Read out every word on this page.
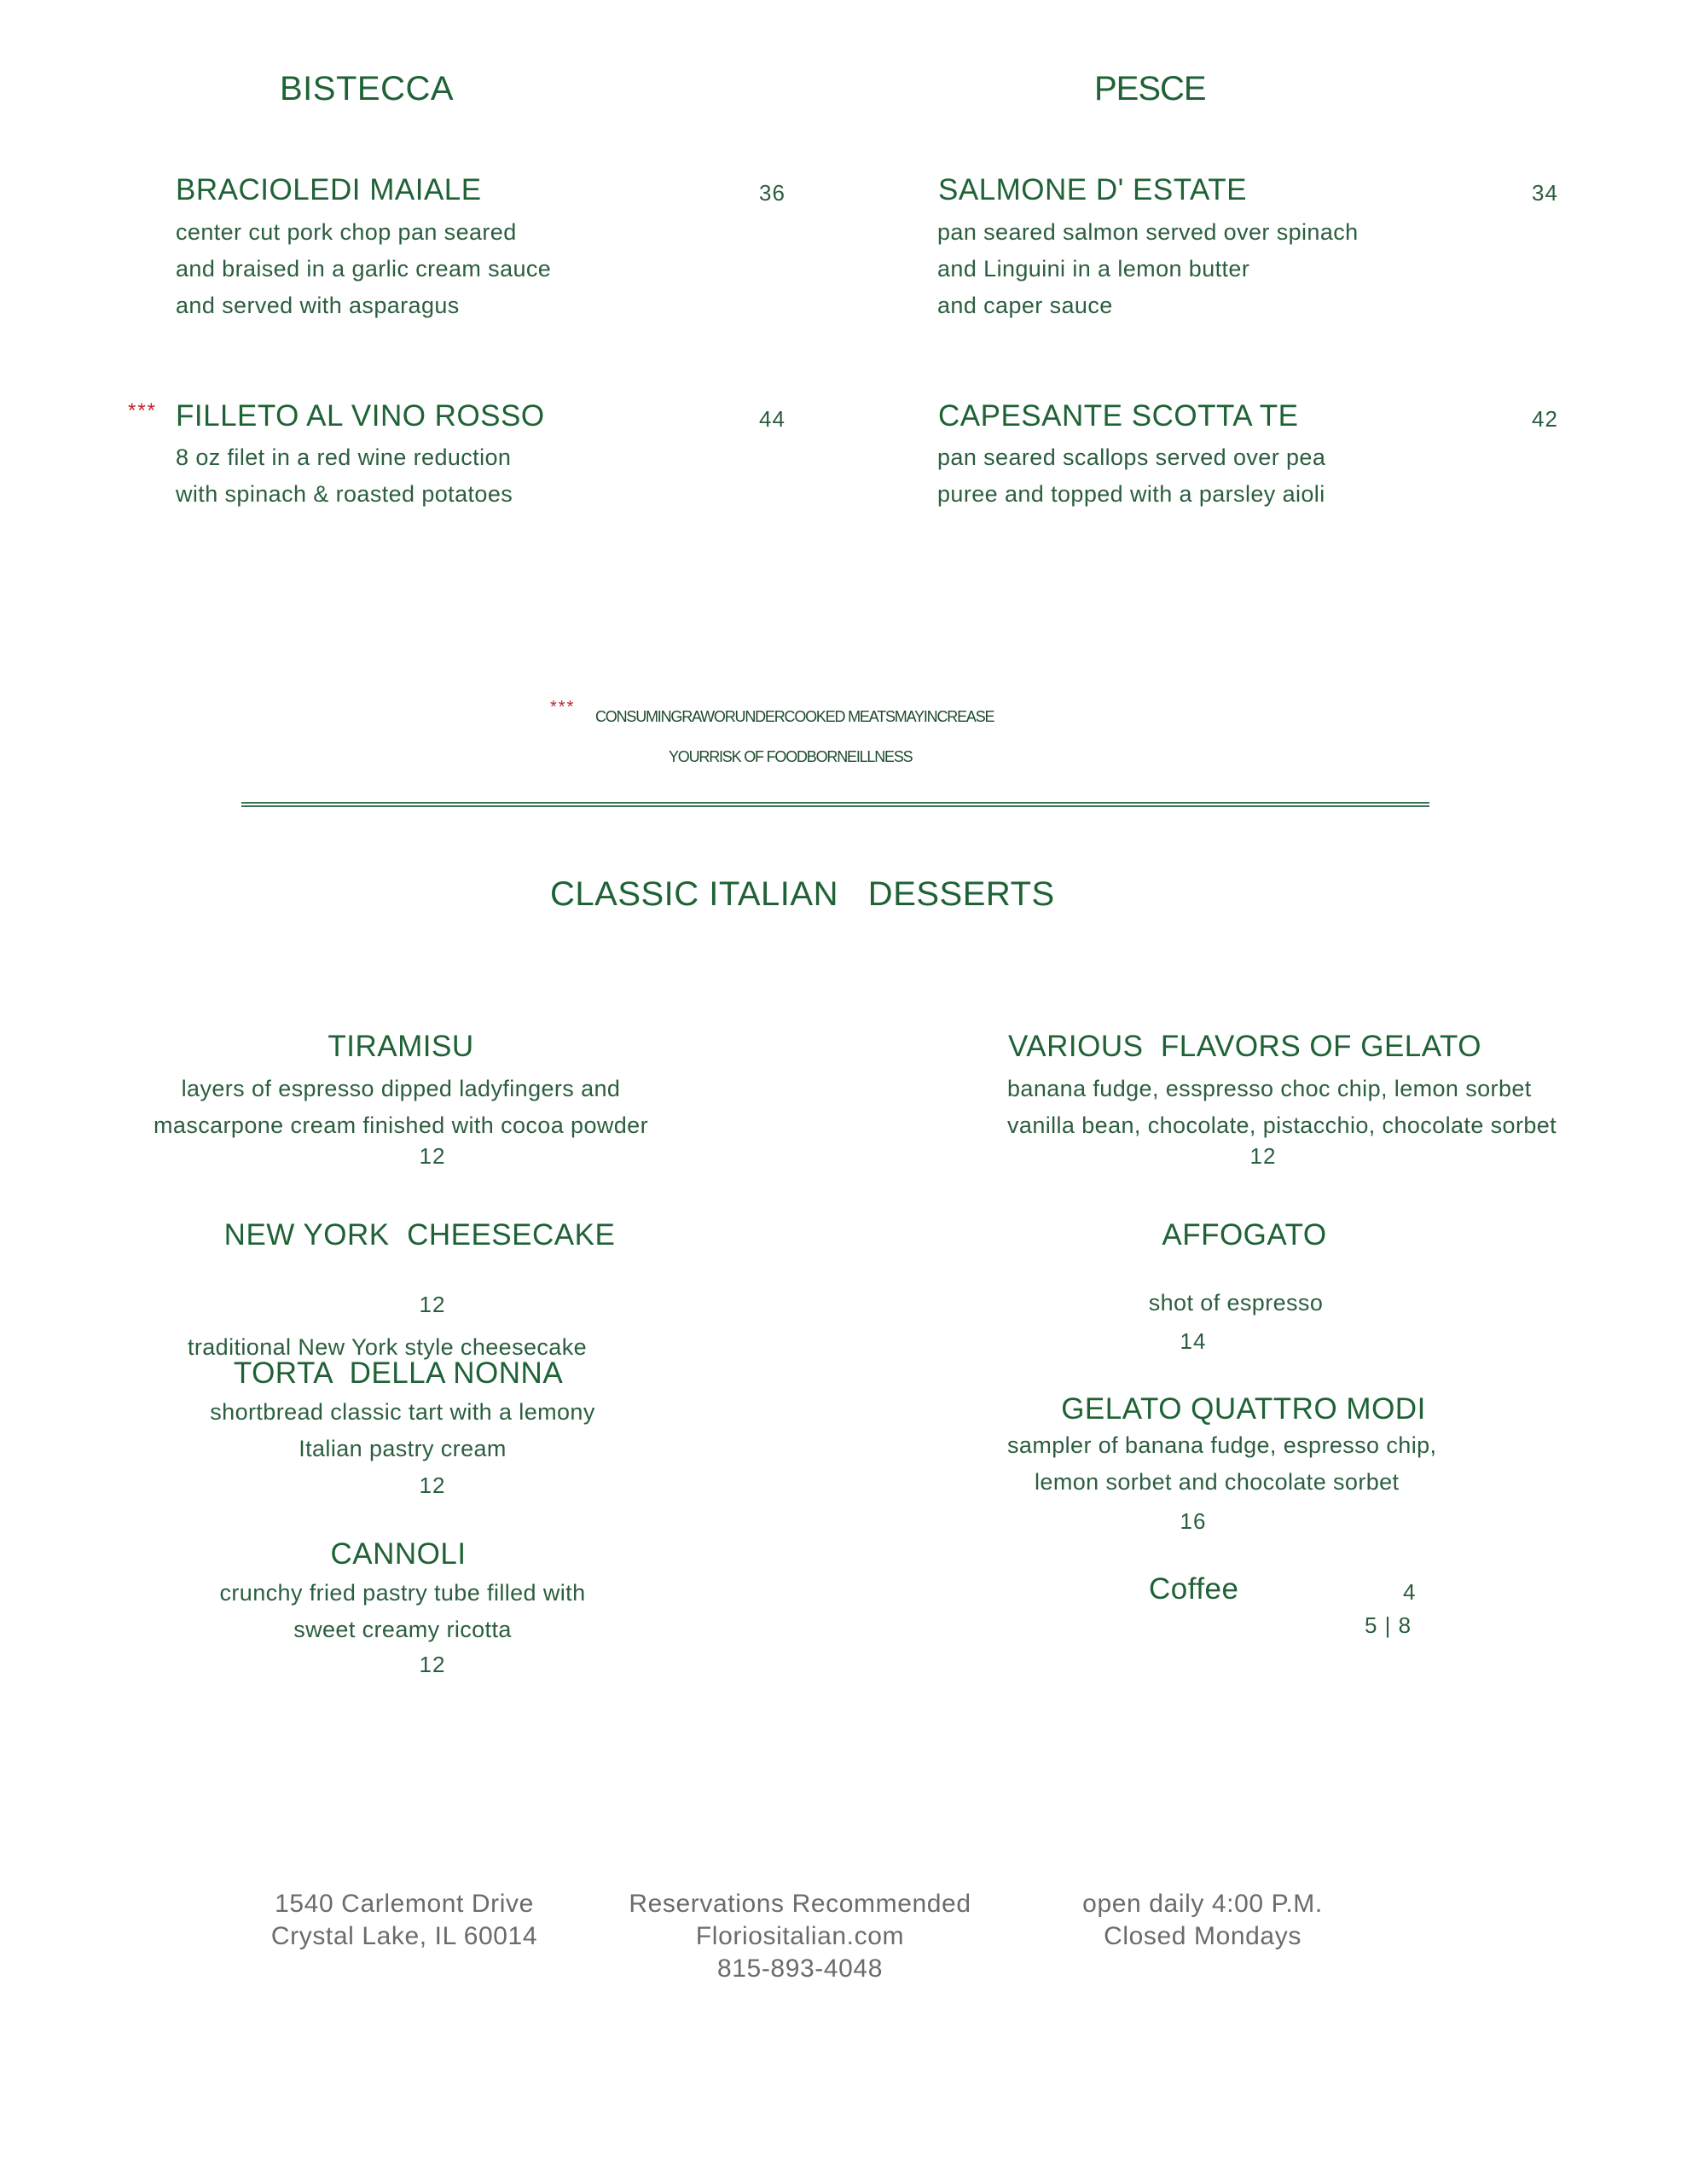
BISTECCA	PESCE
BRACIOLEDI MAIALE	36
center cut pork chop pan seared
and braised in a garlic cream sauce
and served with asparagus
*** FILLETO AL VINO ROSSO	44
8 oz filet in a red wine reduction
with spinach & roasted potatoes
SALMONE D' ESTATE	34
pan seared salmon served over spinach
and Linguini in a lemon butter
and caper sauce
CAPESANTE SCOTTA TE	42
pan seared scallops served over pea
puree and topped with a parsley aioli
*** CONSUMINGRAWORUNDERCOOKED MEATSMAYINCREASE
YOURRISK OF FOODBORNEILLNESS
CLASSIC ITALIAN   DESSERTS
TIRAMISU
layers of espresso dipped ladyfingers and
mascarpone cream finished with cocoa powder
12
NEW YORK  CHEESECAKE

traditional New York style cheesecake

12
TORTA  DELLA NONNA
shortbread classic tart with a lemony
Italian pastry cream
12
CANNOLI
crunchy fried pastry tube filled with
sweet creamy ricotta
12
VARIOUS  FLAVORS OF GELATO
banana fudge, esspresso choc chip, lemon sorbet
vanilla bean, chocolate, pistacchio, chocolate sorbet
12
AFFOGATO
shot of espresso
14
GELATO QUATTRO MODI
sampler of banana fudge, espresso chip,
lemon sorbet and chocolate sorbet
16
Coffee	4
5 | 8
1540 Carlemont Drive
Crystal Lake, IL 60014
Reservations Recommended
Floriositalian.com
815-893-4048
open daily 4:00 P.M.
Closed Mondays
